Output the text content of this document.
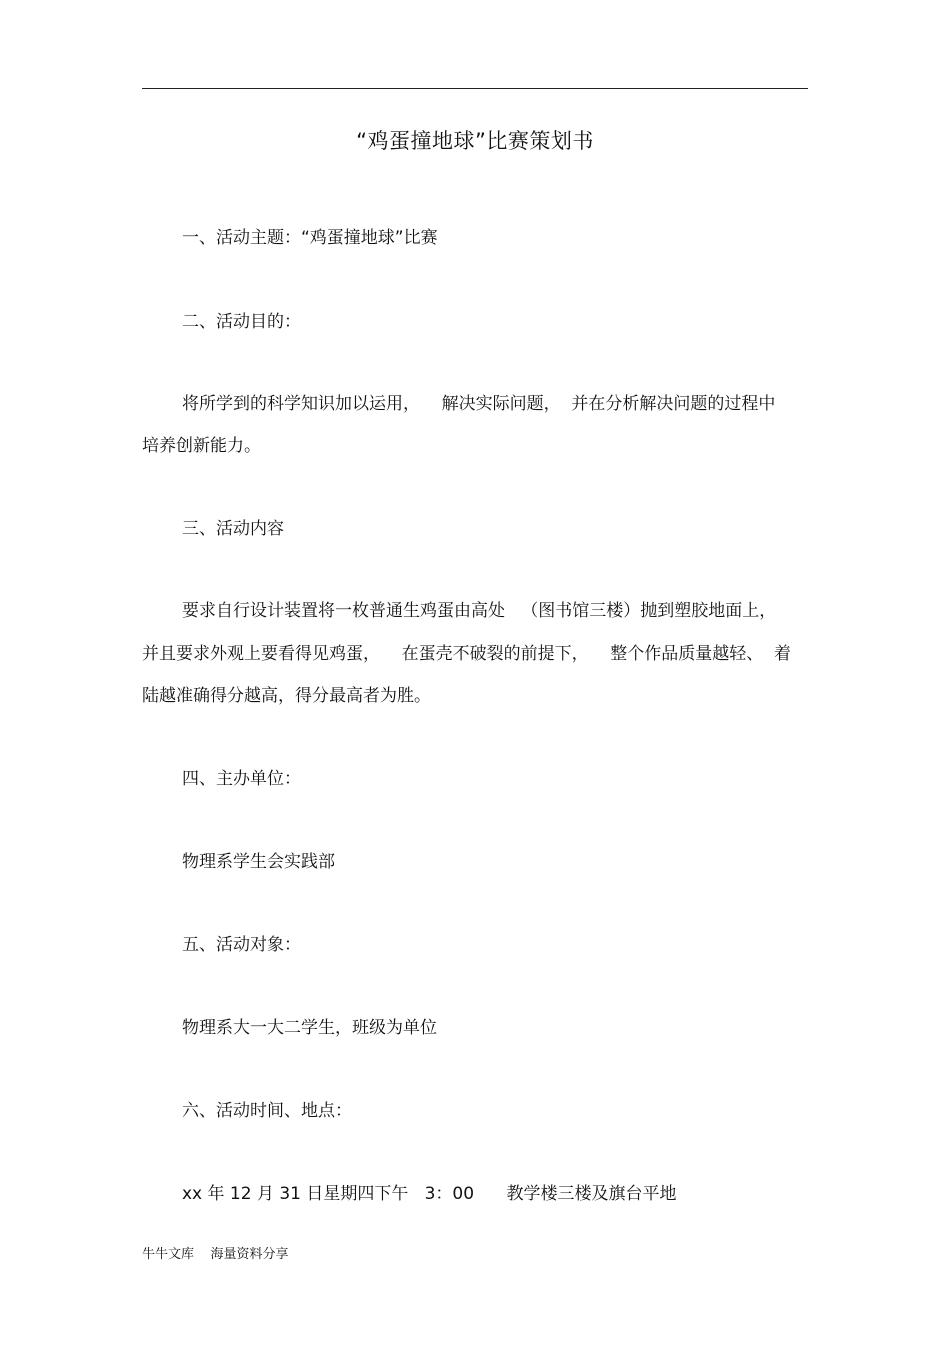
“鸡蛋撞地球”比赛策划书
一、活动主题：“鸡蛋撞地球”比赛
二、活动目的：
将所学到的科学知识加以运用，    解决实际问题，  并在分析解决问题的过程中
培养创新能力。
三、活动内容
要求自行设计装置将一枚普通生鸡蛋由高处   （图书馆三楼）抛到塑胶地面上，
并且要求外观上要看得见鸡蛋，    在蛋壳不破裂的前提下，    整个作品质量越轻、  着
陆越准确得分越高，得分最高者为胜。
四、主办单位：
物理系学生会实践部
五、活动对象：
物理系大一大二学生，班级为单位
六、活动时间、地点：
xx 年 12 月 31 日星期四下午   3：00      教学楼三楼及旗台平地
牛牛文库    海量资料分享
